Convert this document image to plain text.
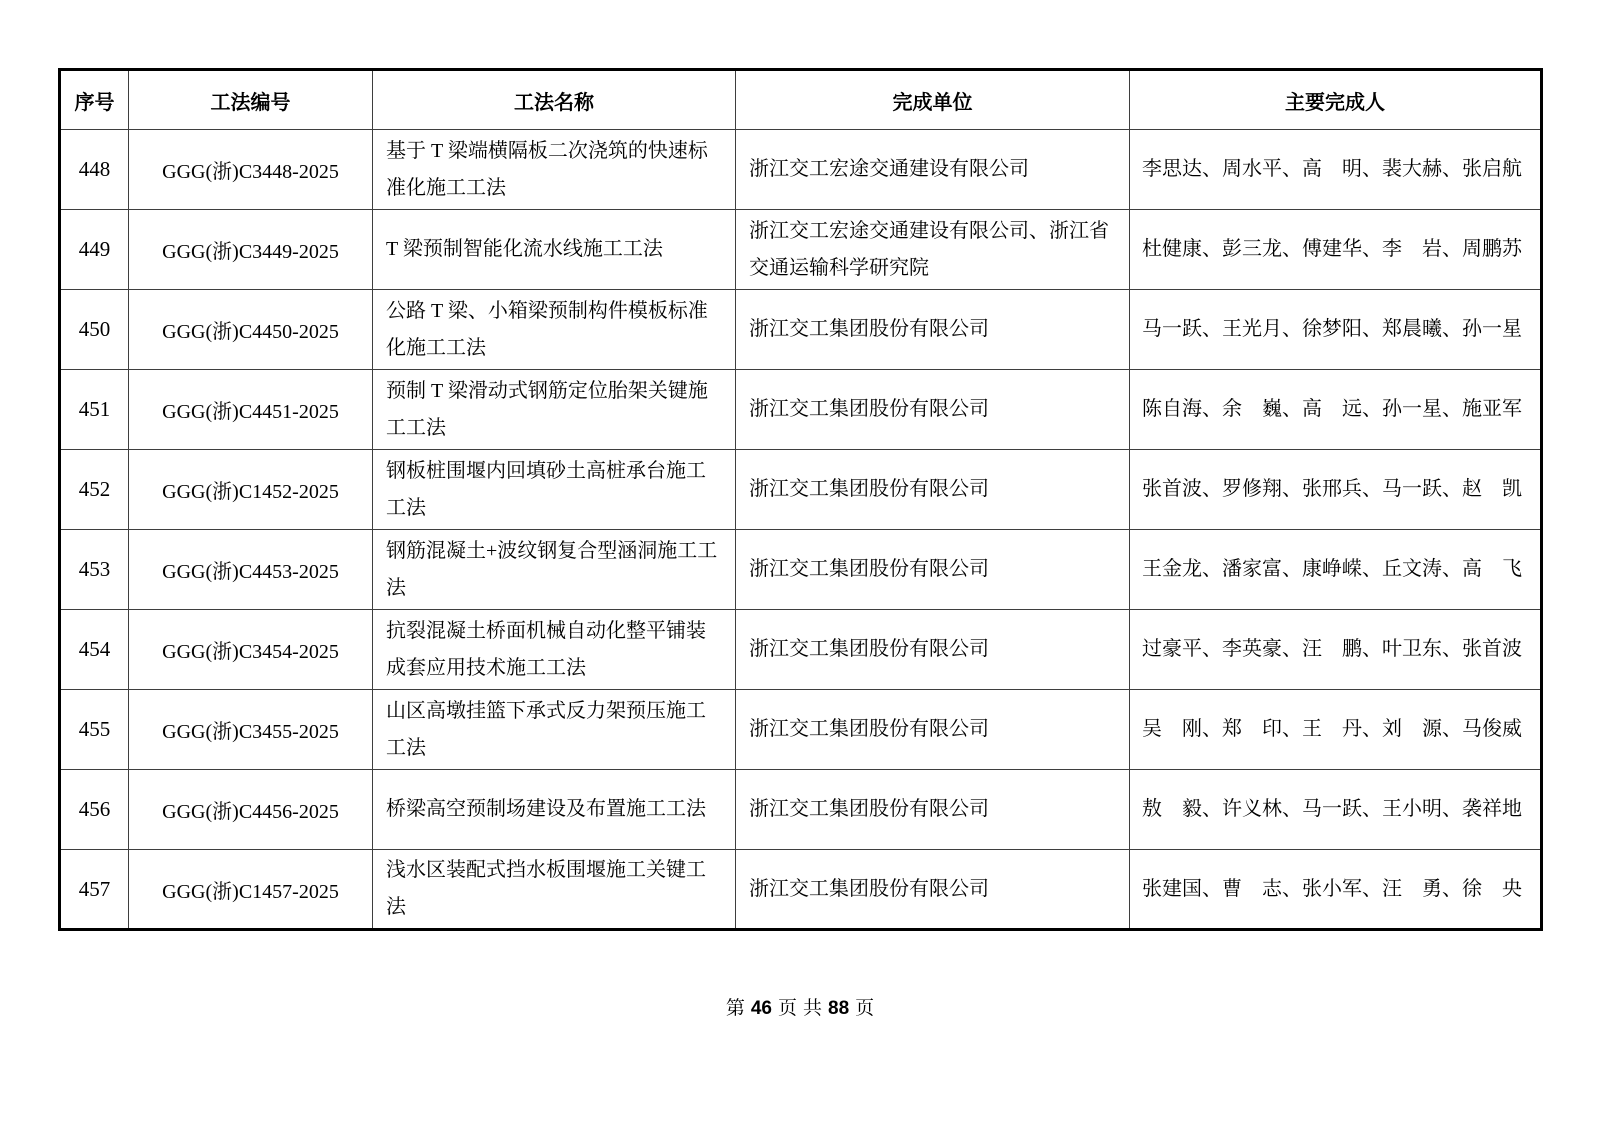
序号	工法编号	工法名称	完成单位	主要完成人
448	GGG(浙)C3448-2025	基于 T 梁端横隔板二次浇筑的快速标准化施工工法	浙江交工宏途交通建设有限公司	李思达、周水平、高　明、裴大赫、张启航
449	GGG(浙)C3449-2025	T 梁预制智能化流水线施工工法	浙江交工宏途交通建设有限公司、浙江省交通运输科学研究院	杜健康、彭三龙、傅建华、李　岩、周鹏苏
450	GGG(浙)C4450-2025	公路 T 梁、小箱梁预制构件模板标准化施工工法	浙江交工集团股份有限公司	马一跃、王光月、徐梦阳、郑晨曦、孙一星
451	GGG(浙)C4451-2025	预制 T 梁滑动式钢筋定位胎架关键施工工法	浙江交工集团股份有限公司	陈自海、余　巍、高　远、孙一星、施亚军
452	GGG(浙)C1452-2025	钢板桩围堰内回填砂土高桩承台施工工法	浙江交工集团股份有限公司	张首波、罗修翔、张邢兵、马一跃、赵　凯
453	GGG(浙)C4453-2025	钢筋混凝土+波纹钢复合型涵洞施工工法	浙江交工集团股份有限公司	王金龙、潘家富、康峥嵘、丘文涛、高　飞
454	GGG(浙)C3454-2025	抗裂混凝土桥面机械自动化整平铺装成套应用技术施工工法	浙江交工集团股份有限公司	过豪平、李英豪、汪　鹏、叶卫东、张首波
455	GGG(浙)C3455-2025	山区高墩挂篮下承式反力架预压施工工法	浙江交工集团股份有限公司	吴　刚、郑　印、王　丹、刘　源、马俊威
456	GGG(浙)C4456-2025	桥梁高空预制场建设及布置施工工法	浙江交工集团股份有限公司	敖　毅、许义林、马一跃、王小明、袭祥地
457	GGG(浙)C1457-2025	浅水区装配式挡水板围堰施工关键工法	浙江交工集团股份有限公司	张建国、曹　志、张小军、汪　勇、徐　央
第 46 页 共 88 页
